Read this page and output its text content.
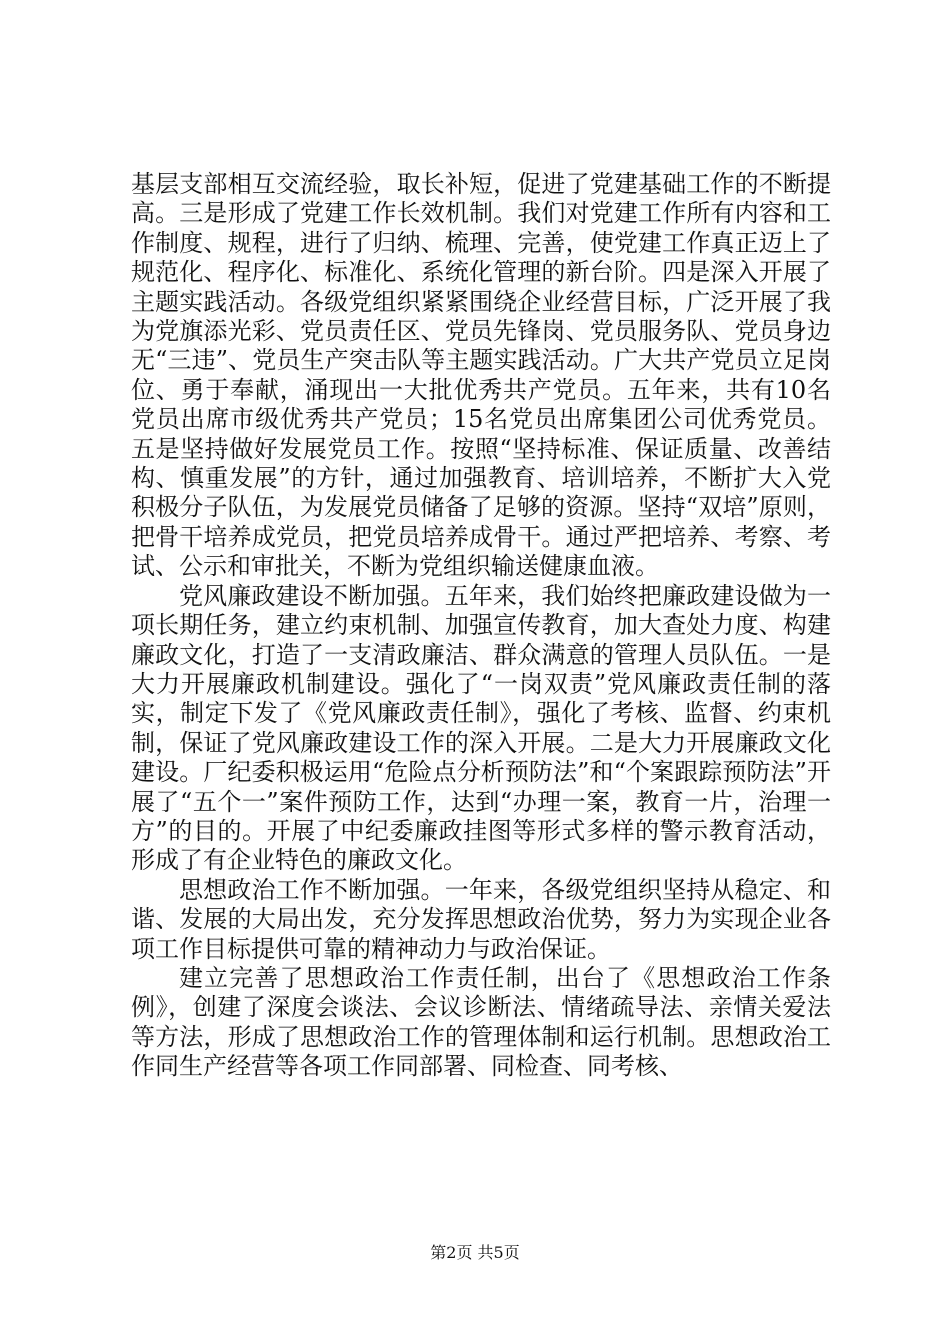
基层支部相互交流经验，取长补短，促进了党建基础工作的不断提高。三是形成了党建工作长效机制。我们对党建工作所有内容和工作制度、规程，进行了归纳、梳理、完善，使党建工作真正迈上了规范化、程序化、标准化、系统化管理的新台阶。四是深入开展了主题实践活动。各级党组织紧紧围绕企业经营目标，广泛开展了我为党旗添光彩、党员责任区、党员先锋岗、党员服务队、党员身边无“三违”、党员生产突击队等主题实践活动。广大共产党员立足岗位、勇于奉献，涌现出一大批优秀共产党员。五年来，共有10名党员出席市级优秀共产党员；15名党员出席集团公司优秀党员。五是坚持做好发展党员工作。按照“坚持标准、保证质量、改善结构、慎重发展”的方针，通过加强教育、培训培养，不断扩大入党积极分子队伍，为发展党员储备了足够的资源。坚持“双培”原则，把骨干培养成党员，把党员培养成骨干。通过严把培养、考察、考试、公示和审批关，不断为党组织输送健康血液。

党风廉政建设不断加强。五年来，我们始终把廉政建设做为一项长期任务，建立约束机制、加强宣传教育，加大查处力度、构建廉政文化，打造了一支清政廉洁、群众满意的管理人员队伍。一是大力开展廉政机制建设。强化了“一岗双责”党风廉政责任制的落实，制定下发了《党风廉政责任制》，强化了考核、监督、约束机制，保证了党风廉政建设工作的深入开展。二是大力开展廉政文化建设。厂纪委积极运用“危险点分析预防法”和“个案跟踪预防法”开展了“五个一”案件预防工作，达到“办理一案，教育一片，治理一方”的目的。开展了中纪委廉政挂图等形式多样的警示教育活动，形成了有企业特色的廉政文化。

思想政治工作不断加强。一年来，各级党组织坚持从稳定、和谐、发展的大局出发，充分发挥思想政治优势，努力为实现企业各项工作目标提供可靠的精神动力与政治保证。

建立完善了思想政治工作责任制，出台了《思想政治工作条例》，创建了深度会谈法、会议诊断法、情绪疏导法、亲情关爱法等方法，形成了思想政治工作的管理体制和运行机制。思想政治工作同生产经营等各项工作同部署、同检查、同考核、

第2页 共5页
